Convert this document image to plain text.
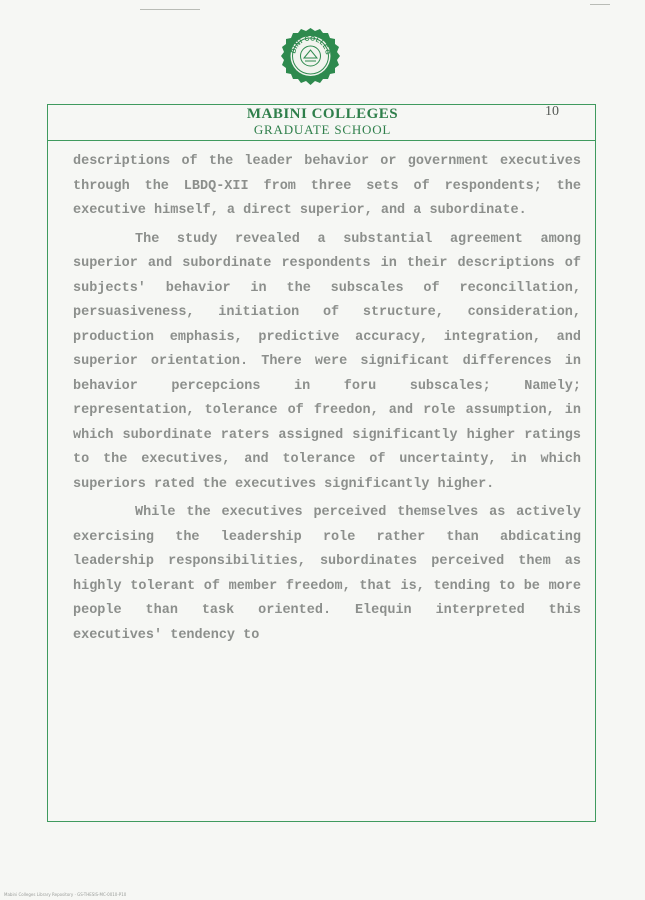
BINI COLLEG
MABINI COLLEGES
GRADUATE SCHOOL
10

descriptions of the leader behavior or government executives through the LBDQ-XII from three sets of respondents; the executive himself, a direct superior, and a subordinate.

The study revealed a substantial agreement among superior and subordinate respondents in their descriptions of subjects' behavior in the subscales of reconcillation, persuasiveness, initiation of structure, consideration, production emphasis, predictive accuracy, integration, and superior orientation. There were significant differences in behavior percepcions in foru subscales; Namely; representation, tolerance of freedon, and role assumption, in which subordinate raters assigned significantly higher ratings to the executives, and tolerance of uncertainty, in which superiors rated the executives significantly higher.

While the executives perceived themselves as actively exercising the leadership role rather than abdicating leadership responsibilities, subordinates perceived them as highly tolerant of member freedom, that is, tending to be more people than task oriented. Elequin interpreted this executives' tendency to

Mabini Colleges Library Repository · GS-THESIS-MC-0010-P10
